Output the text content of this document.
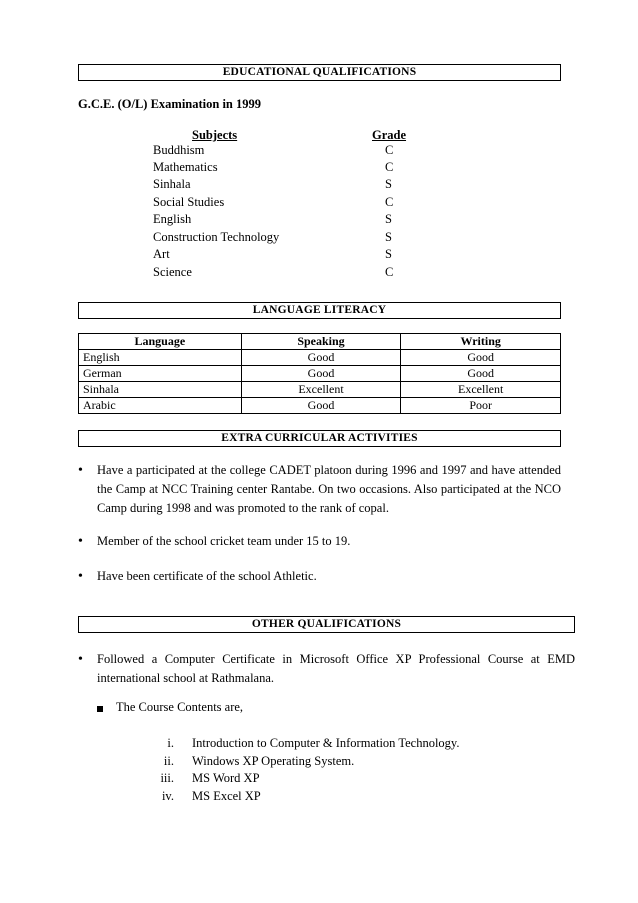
EDUCATIONAL QUALIFICATIONS
G.C.E. (O/L) Examination in 1999
Subjects	Grade
Buddhism	C
Mathematics	C
Sinhala	S
Social Studies	C
English	S
Construction Technology	S
Art	S
Science	C
LANGUAGE LITERACY
Language	Speaking	Writing
English	Good	Good
German	Good	Good
Sinhala	Excellent	Excellent
Arabic	Good	Poor
EXTRA CURRICULAR ACTIVITIES
• Have a participated at the college CADET platoon during 1996 and 1997 and have attended the Camp at NCC Training center Rantabe. On two occasions. Also participated at the NCO Camp during 1998 and was promoted to the rank of copal.
• Member of the school cricket team under 15 to 19.
• Have been certificate of the school Athletic.
OTHER QUALIFICATIONS
• Followed a Computer Certificate in Microsoft Office XP Professional Course at EMD international school at Rathmalana.
The Course Contents are,
i. Introduction to Computer & Information Technology.
ii. Windows XP Operating System.
iii. MS Word XP
iv. MS Excel XP
